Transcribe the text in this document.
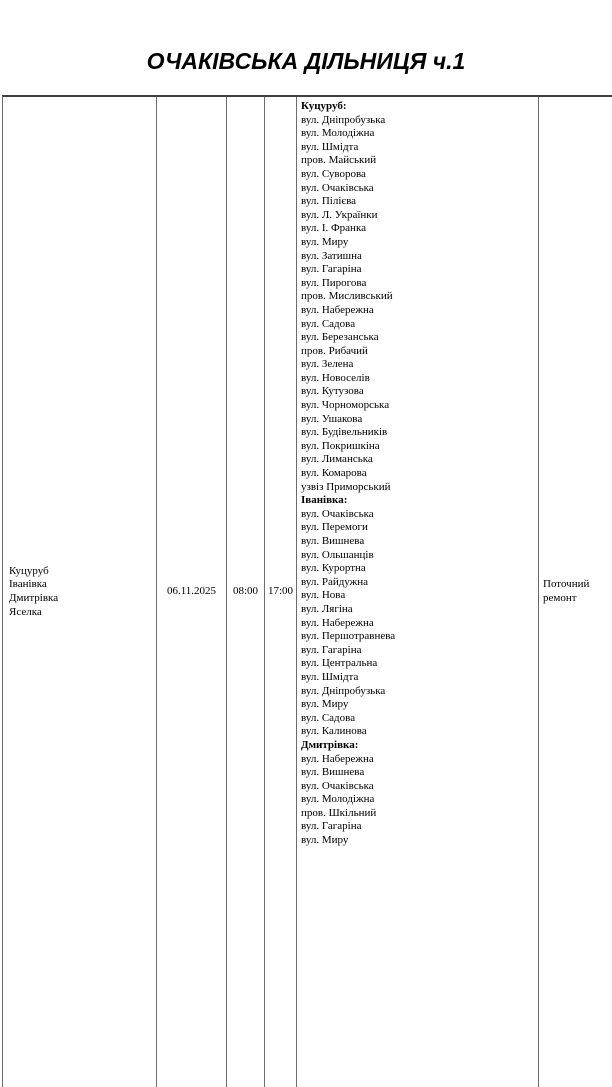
ОЧАКІВСЬКА ДІЛЬНИЦЯ ч.1
Куцуруб
Іванівка
Дмитрівка
Яселка
06.11.2025 08:00 17:00
Куцуруб:
вул. Дніпробузька
вул. Молодіжна
вул. Шмідта
пров. Майський
вул. Суворова
вул. Очаківська
вул. Пілієва
вул. Л. Українки
вул. І. Франка
вул. Миру
вул. Затишна
вул. Гагаріна
вул. Пирогова
пров. Мисливський
вул. Набережна
вул. Садова
вул. Березанська
пров. Рибачий
вул. Зелена
вул. Новоселів
вул. Кутузова
вул. Чорноморська
вул. Ушакова
вул. Будівельників
вул. Покришкіна
вул. Лиманська
вул. Комарова
узвіз Приморський
Іванівка:
вул. Очаківська
вул. Перемоги
вул. Вишнева
вул. Ольшанців
вул. Курортна
вул. Райдужна
вул. Нова
вул. Лягіна
вул. Набережна
вул. Першотравнева
вул. Гагаріна
вул. Центральна
вул. Шмідта
вул. Дніпробузька
вул. Миру
вул. Садова
вул. Калинова
Дмитрівка:
вул. Набережна
вул. Вишнева
вул. Очаківська
вул. Молодіжна
пров. Шкільний
вул. Гагаріна
вул. Миру
Поточний ремонт
